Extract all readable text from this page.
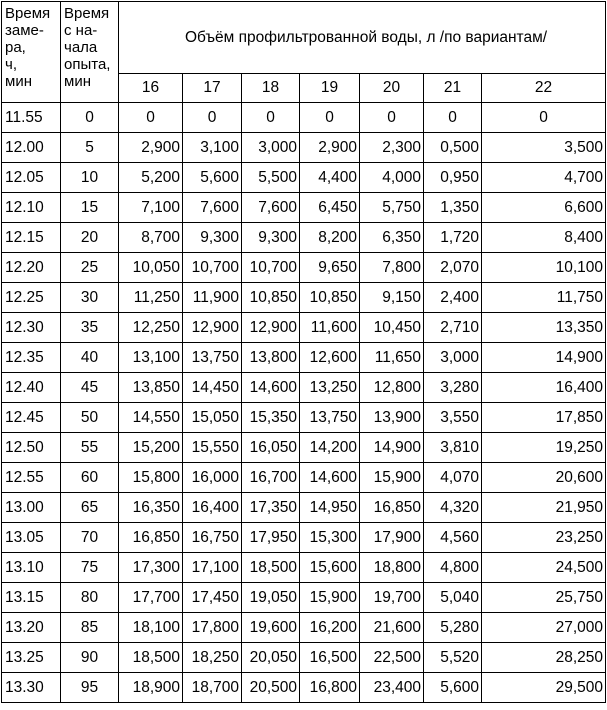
Время
заме-
ра,
ч,
мин	Время
с на-
чала
опыта,
мин	Объём профильтрованной воды, л /по вариантам/						
		16	17	18	19	20	21	22
11.55	0	0	0	0	0	0	0	0
12.00	5	2,900	3,100	3,000	2,900	2,300	0,500	3,500
12.05	10	5,200	5,600	5,500	4,400	4,000	0,950	4,700
12.10	15	7,100	7,600	7,600	6,450	5,750	1,350	6,600
12.15	20	8,700	9,300	9,300	8,200	6,350	1,720	8,400
12.20	25	10,050	10,700	10,700	9,650	7,800	2,070	10,100
12.25	30	11,250	11,900	10,850	10,850	9,150	2,400	11,750
12.30	35	12,250	12,900	12,900	11,600	10,450	2,710	13,350
12.35	40	13,100	13,750	13,800	12,600	11,650	3,000	14,900
12.40	45	13,850	14,450	14,600	13,250	12,800	3,280	16,400
12.45	50	14,550	15,050	15,350	13,750	13,900	3,550	17,850
12.50	55	15,200	15,550	16,050	14,200	14,900	3,810	19,250
12.55	60	15,800	16,000	16,700	14,600	15,900	4,070	20,600
13.00	65	16,350	16,400	17,350	14,950	16,850	4,320	21,950
13.05	70	16,850	16,750	17,950	15,300	17,900	4,560	23,250
13.10	75	17,300	17,100	18,500	15,600	18,800	4,800	24,500
13.15	80	17,700	17,450	19,050	15,900	19,700	5,040	25,750
13.20	85	18,100	17,800	19,600	16,200	21,600	5,280	27,000
13.25	90	18,500	18,250	20,050	16,500	22,500	5,520	28,250
13.30	95	18,900	18,700	20,500	16,800	23,400	5,600	29,500
